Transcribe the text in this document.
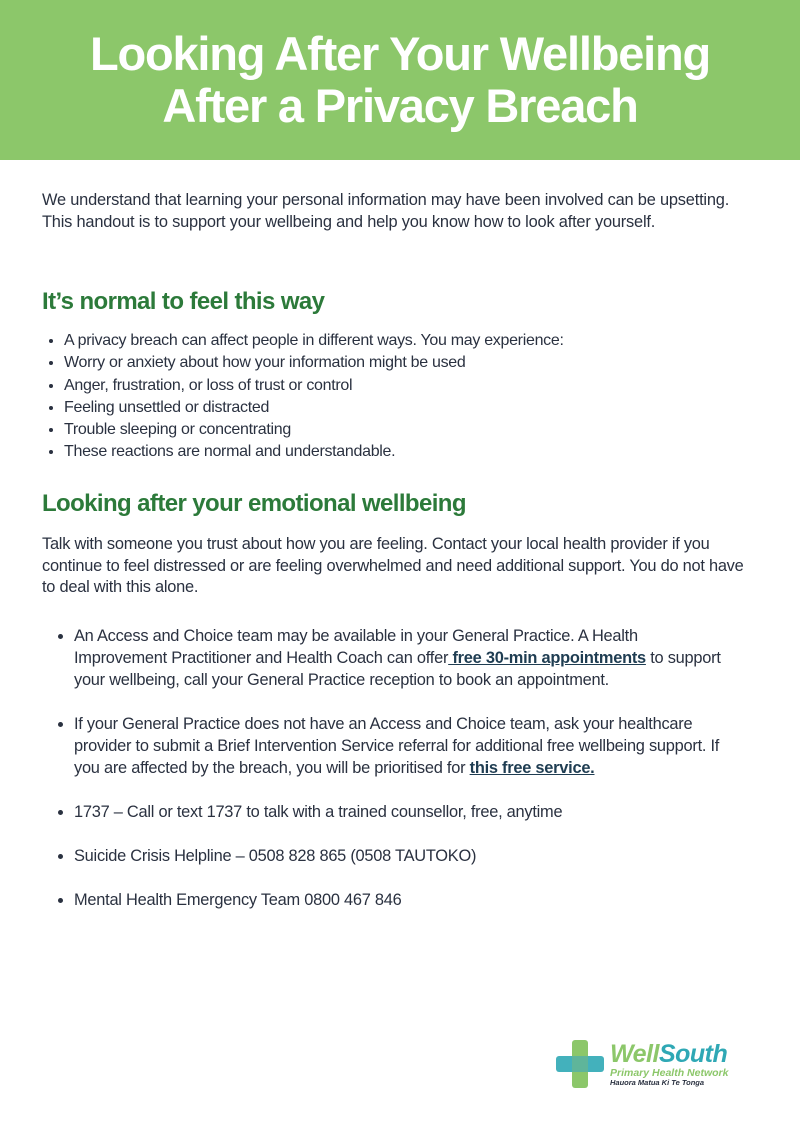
Looking After Your Wellbeing
After a Privacy Breach

We understand that learning your personal information may have been involved can be upsetting. This handout is to support your wellbeing and help you know how to look after yourself.

It’s normal to feel this way
• A privacy breach can affect people in different ways. You may experience:
• Worry or anxiety about how your information might be used
• Anger, frustration, or loss of trust or control
• Feeling unsettled or distracted
• Trouble sleeping or concentrating
• These reactions are normal and understandable.
Looking after your emotional wellbeing

Talk with someone you trust about how you are feeling. Contact your local health provider if you continue to feel distressed or are feeling overwhelmed and need additional support. You do not have to deal with this alone.

• An Access and Choice team may be available in your General Practice. A Health Improvement Practitioner and Health Coach can offer free 30-min appointments to support your wellbeing, call your General Practice reception to book an appointment.
• If your General Practice does not have an Access and Choice team, ask your healthcare provider to submit a Brief Intervention Service referral for additional free wellbeing support. If you are affected by the breach, you will be prioritised for this free service.
• 1737 – Call or text 1737 to talk with a trained counsellor, free, anytime
• Suicide Crisis Helpline – 0508 828 865 (0508 TAUTOKO)
• Mental Health Emergency Team 0800 467 846
WellSouth
Primary Health Network
Hauora Matua Ki Te Tonga
